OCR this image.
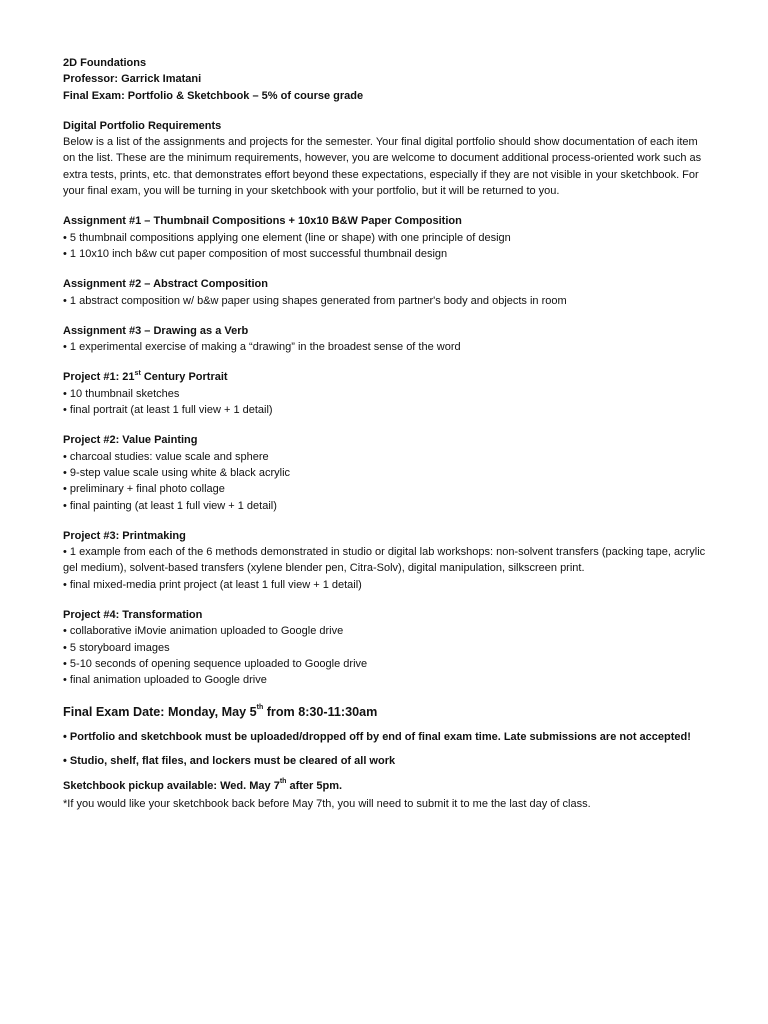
2D Foundations
Professor: Garrick Imatani
Final Exam: Portfolio & Sketchbook – 5% of course grade
Digital Portfolio Requirements
Below is a list of the assignments and projects for the semester. Your final digital portfolio should show documentation of each item on the list. These are the minimum requirements, however, you are welcome to document additional process-oriented work such as extra tests, prints, etc. that demonstrates effort beyond these expectations, especially if they are not visible in your sketchbook. For your final exam, you will be turning in your sketchbook with your portfolio, but it will be returned to you.
Assignment #1 – Thumbnail Compositions + 10x10 B&W Paper Composition
• 5 thumbnail compositions applying one element (line or shape) with one principle of design
• 1 10x10 inch b&w cut paper composition of most successful thumbnail design
Assignment #2 – Abstract Composition
• 1 abstract composition w/ b&w paper using shapes generated from partner's body and objects in room
Assignment #3 – Drawing as a Verb
• 1 experimental exercise of making a “drawing” in the broadest sense of the word
Project #1: 21st Century Portrait
• 10 thumbnail sketches
• final portrait (at least 1 full view + 1 detail)
Project #2: Value Painting
• charcoal studies: value scale and sphere
• 9-step value scale using white & black acrylic
• preliminary + final photo collage
• final painting (at least 1 full view + 1 detail)
Project #3: Printmaking
• 1 example from each of the 6 methods demonstrated in studio or digital lab workshops: non-solvent transfers (packing tape, acrylic gel medium), solvent-based transfers (xylene blender pen, Citra-Solv), digital manipulation, silkscreen print.
• final mixed-media print project (at least 1 full view + 1 detail)
Project #4: Transformation
• collaborative iMovie animation uploaded to Google drive
• 5 storyboard images
• 5-10 seconds of opening sequence uploaded to Google drive
• final animation uploaded to Google drive
Final Exam Date: Monday, May 5th from 8:30-11:30am
• Portfolio and sketchbook must be uploaded/dropped off by end of final exam time. Late submissions are not accepted!
• Studio, shelf, flat files, and lockers must be cleared of all work
Sketchbook pickup available: Wed. May 7th after 5pm.
*If you would like your sketchbook back before May 7th, you will need to submit it to me the last day of class.
